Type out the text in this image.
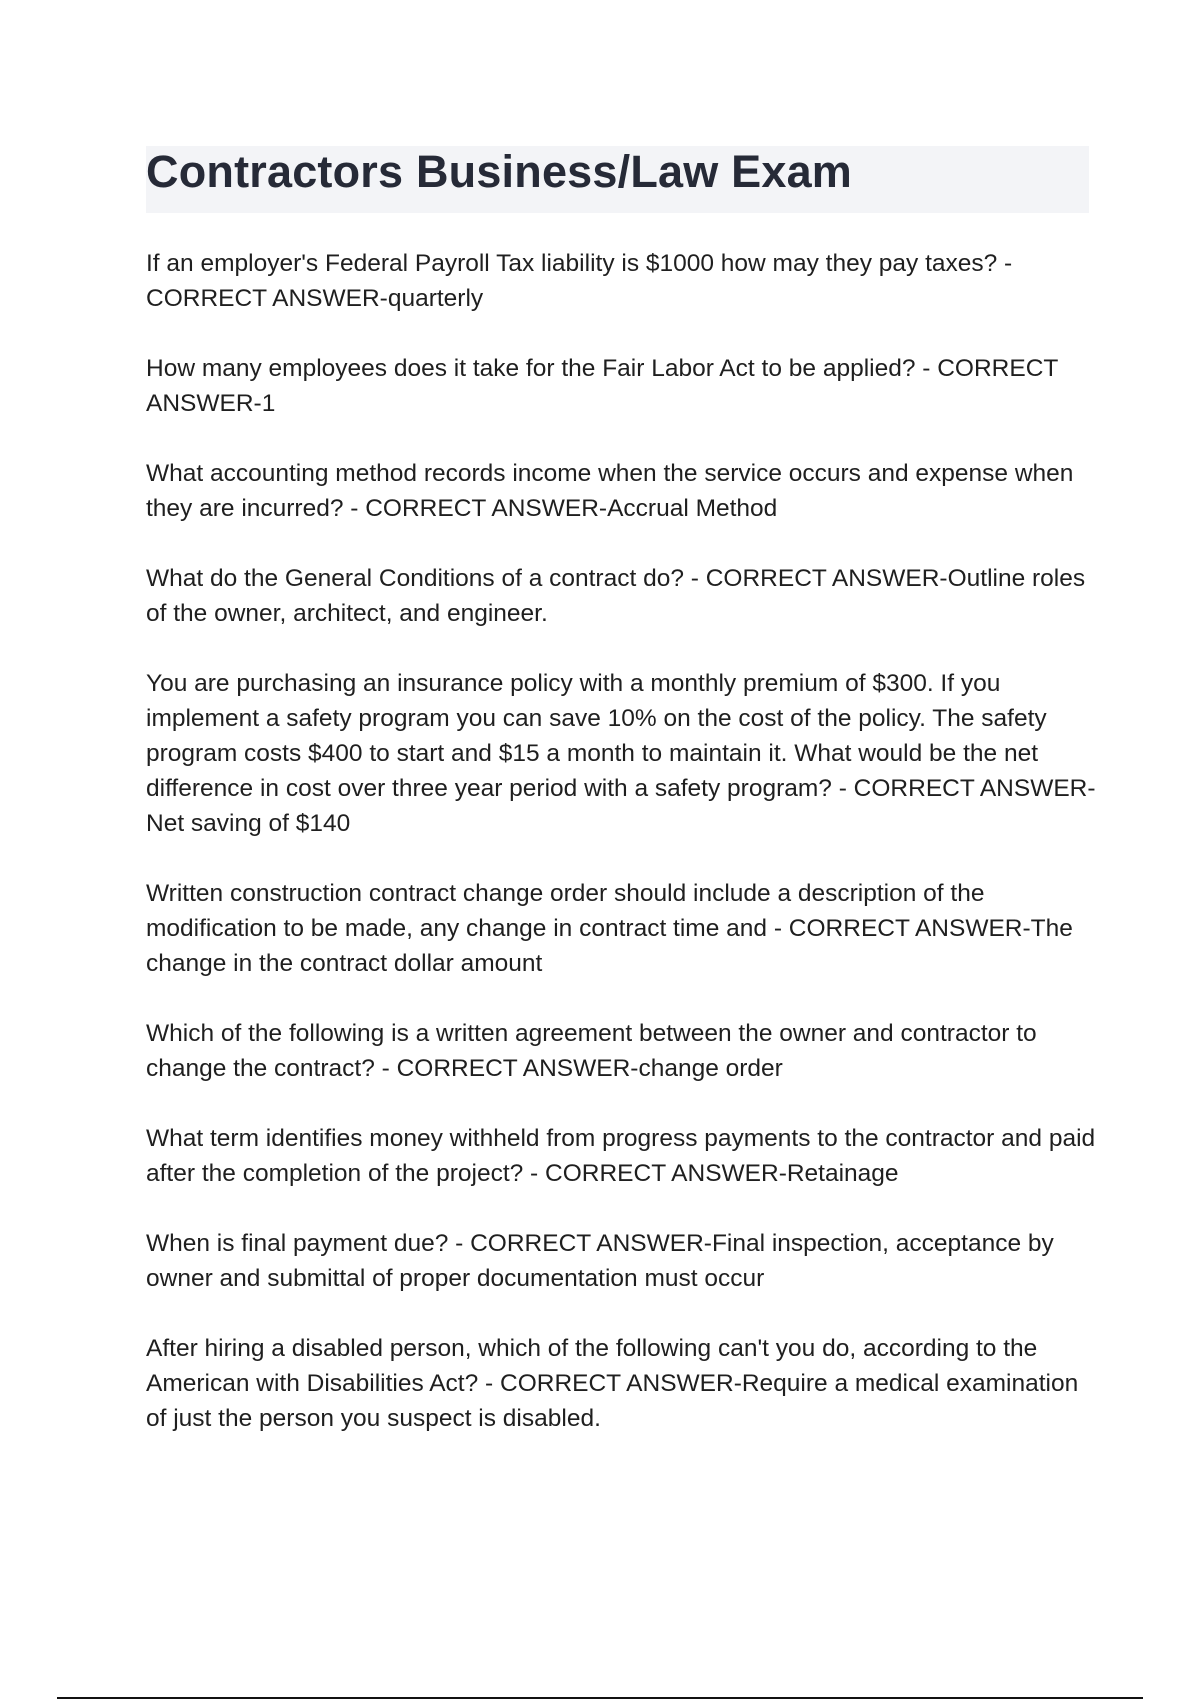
Contractors Business/Law Exam
If an employer's Federal Payroll Tax liability is $1000 how may they pay taxes? - CORRECT ANSWER-quarterly
How many employees does it take for the Fair Labor Act to be applied? - CORRECT ANSWER-1
What accounting method records income when the service occurs and expense when they are incurred? - CORRECT ANSWER-Accrual Method
What do the General Conditions of a contract do? - CORRECT ANSWER-Outline roles of the owner, architect, and engineer.
You are purchasing an insurance policy with a monthly premium of $300. If you implement a safety program you can save 10% on the cost of the policy. The safety program costs $400 to start and $15 a month to maintain it. What would be the net difference in cost over three year period with a safety program? - CORRECT ANSWER-Net saving of $140
Written construction contract change order should include a description of the modification to be made, any change in contract time and - CORRECT ANSWER-The change in the contract dollar amount
Which of the following is a written agreement between the owner and contractor to change the contract? - CORRECT ANSWER-change order
What term identifies money withheld from progress payments to the contractor and paid after the completion of the project? - CORRECT ANSWER-Retainage
When is final payment due? - CORRECT ANSWER-Final inspection, acceptance by owner and submittal of proper documentation must occur
After hiring a disabled person, which of the following can't you do, according to the American with Disabilities Act? - CORRECT ANSWER-Require a medical examination of just the person you suspect is disabled.
